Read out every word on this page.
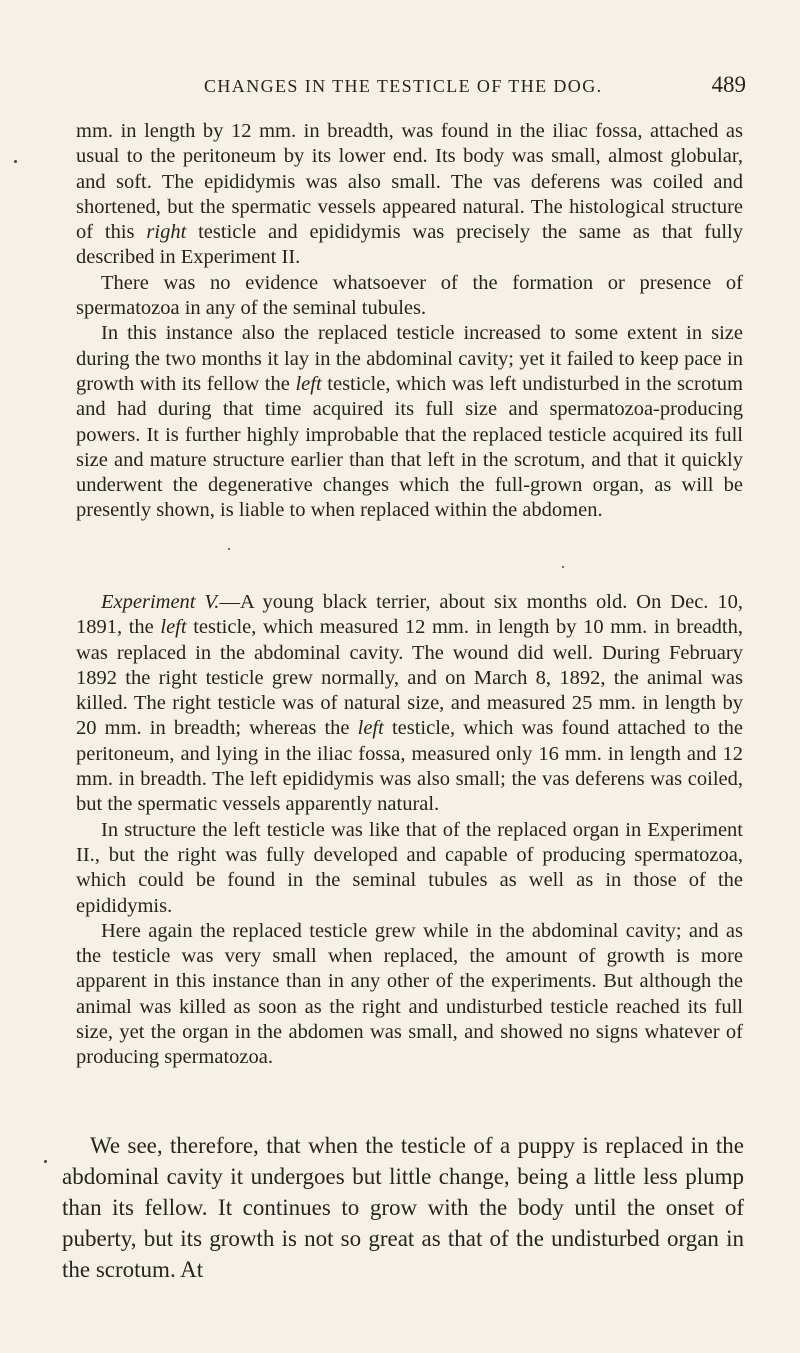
CHANGES IN THE TESTICLE OF THE DOG.	489

mm. in length by 12 mm. in breadth, was found in the iliac fossa, attached as usual to the peritoneum by its lower end. Its body was small, almost globular, and soft. The epididymis was also small. The vas deferens was coiled and shortened, but the spermatic vessels appeared natural. The histological structure of this right testicle and epididymis was precisely the same as that fully described in Experiment II.

There was no evidence whatsoever of the formation or presence of spermatozoa in any of the seminal tubules.

In this instance also the replaced testicle increased to some extent in size during the two months it lay in the abdominal cavity; yet it failed to keep pace in growth with its fellow the left testicle, which was left undisturbed in the scrotum and had during that time acquired its full size and spermatozoa-producing powers. It is further highly improbable that the replaced testicle acquired its full size and mature structure earlier than that left in the scrotum, and that it quickly underwent the degenerative changes which the full-grown organ, as will be presently shown, is liable to when replaced within the abdomen.

Experiment V.—A young black terrier, about six months old. On Dec. 10, 1891, the left testicle, which measured 12 mm. in length by 10 mm. in breadth, was replaced in the abdominal cavity. The wound did well. During February 1892 the right testicle grew normally, and on March 8, 1892, the animal was killed. The right testicle was of natural size, and measured 25 mm. in length by 20 mm. in breadth; whereas the left testicle, which was found attached to the peritoneum, and lying in the iliac fossa, measured only 16 mm. in length and 12 mm. in breadth. The left epididymis was also small; the vas deferens was coiled, but the spermatic vessels apparently natural.

In structure the left testicle was like that of the replaced organ in Experiment II., but the right was fully developed and capable of producing spermatozoa, which could be found in the seminal tubules as well as in those of the epididymis.

Here again the replaced testicle grew while in the abdominal cavity; and as the testicle was very small when replaced, the amount of growth is more apparent in this instance than in any other of the experiments. But although the animal was killed as soon as the right and undisturbed testicle reached its full size, yet the organ in the abdomen was small, and showed no signs whatever of producing spermatozoa.

We see, therefore, that when the testicle of a puppy is replaced in the abdominal cavity it undergoes but little change, being a little less plump than its fellow. It continues to grow with the body until the onset of puberty, but its growth is not so great as that of the undisturbed organ in the scrotum. At
